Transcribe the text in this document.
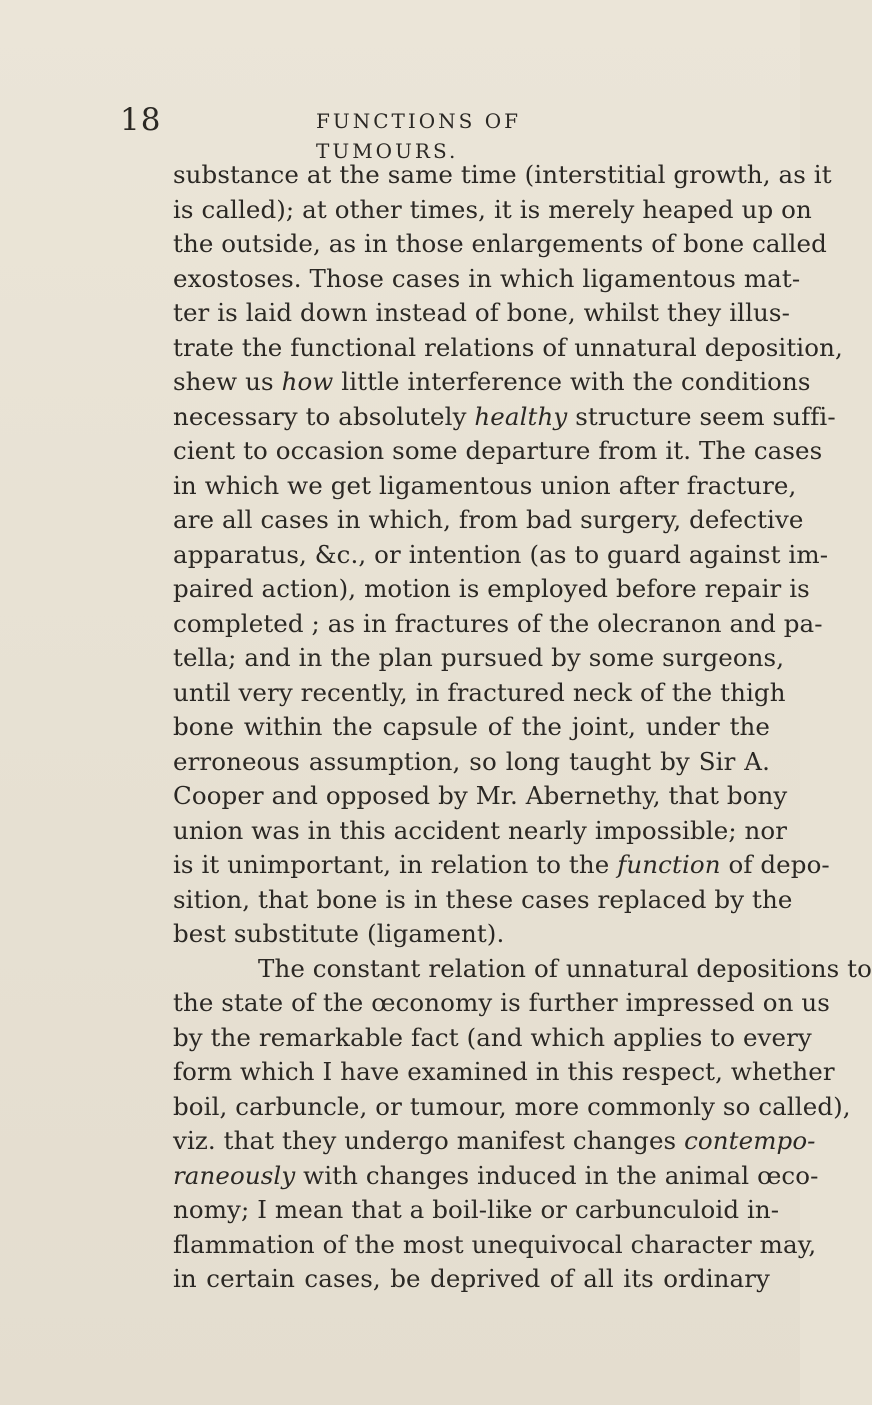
18	FUNCTIONS OF TUMOURS.
substance at the same time (interstitial growth, as it
is called); at other times, it is merely heaped up on
the outside, as in those enlargements of bone called
exostoses. Those cases in which ligamentous mat-
ter is laid down instead of bone, whilst they illus-
trate the functional relations of unnatural deposition,
shew us how little interference with the conditions
necessary to absolutely healthy structure seem suffi-
cient to occasion some departure from it. The cases
in which we get ligamentous union after fracture,
are all cases in which, from bad surgery, defective
apparatus, &c., or intention (as to guard against im-
paired action), motion is employed before repair is
completed ; as in fractures of the olecranon and pa-
tella; and in the plan pursued by some surgeons,
until very recently, in fractured neck of the thigh
bone within the capsule of the joint, under the
erroneous assumption, so long taught by Sir A.
Cooper and opposed by Mr. Abernethy, that bony
union was in this accident nearly impossible; nor
is it unimportant, in relation to the function of depo-
sition, that bone is in these cases replaced by the
best substitute (ligament).
The constant relation of unnatural depositions to
the state of the œconomy is further impressed on us
by the remarkable fact (and which applies to every
form which I have examined in this respect, whether
boil, carbuncle, or tumour, more commonly so called),
viz. that they undergo manifest changes contempo-
raneously with changes induced in the animal œco-
nomy; I mean that a boil-like or carbunculoid in-
flammation of the most unequivocal character may,
in certain cases, be deprived of all its ordinary
